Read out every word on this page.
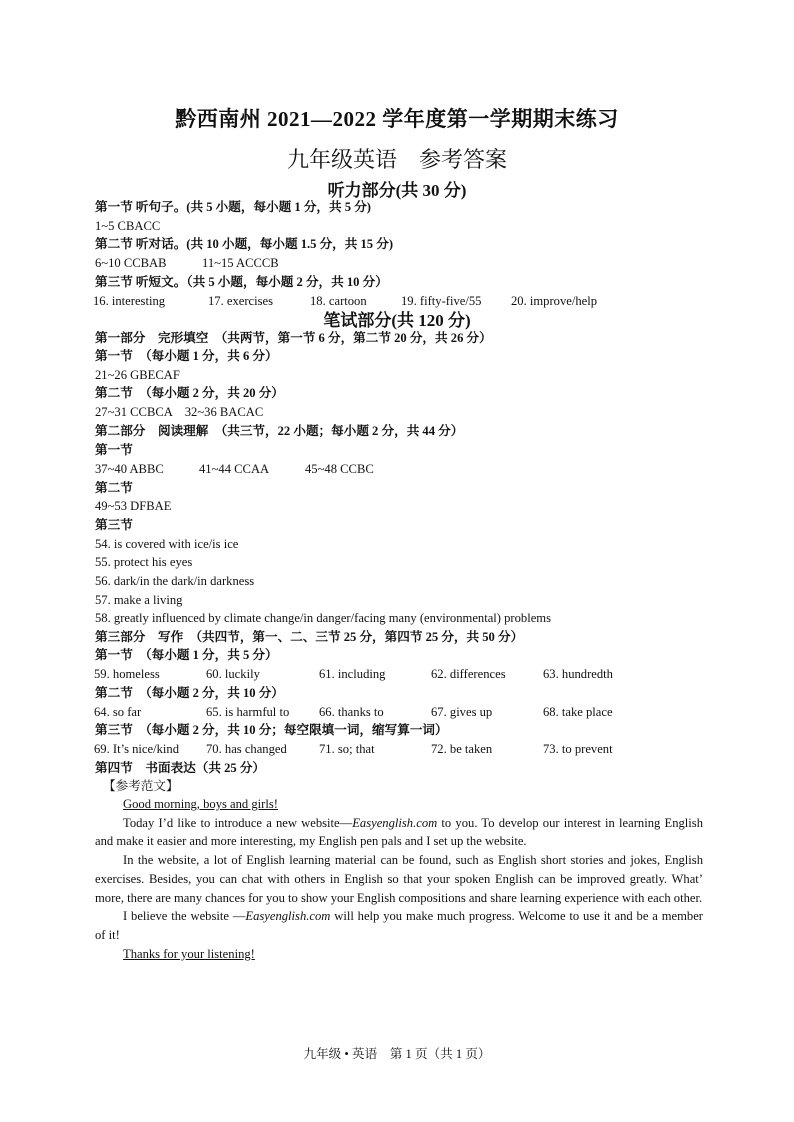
黔西南州 2021—2022 学年度第一学期期末练习
九年级英语　参考答案
听力部分(共 30 分)
第一节 听句子。(共 5 小题，每小题 1 分，共 5 分)
1~5 CBACC
第二节 听对话。(共 10 小题，每小题 1.5 分，共 15 分)
6~10 CCBAB	11~15 ACCCB
第三节 听短文。（共 5 小题，每小题 2 分，共 10 分）
16. interesting	17. exercises	18. cartoon	19. fifty-five/55 20. improve/help
笔试部分(共 120 分)
第一部分　完形填空　（共两节，第一节 6 分，第二节 20 分，共 26 分）
第一节　（每小题 1 分，共 6 分）
21~26 GBECAF
第二节　（每小题 2 分，共 20 分）
27~31 CCBCA　32~36 BACAC
第二部分　阅读理解　（共三节，22 小题；每小题 2 分，共 44 分）
第一节
37~40 ABBC	41~44 CCAA	45~48 CCBC
第二节
49~53 DFBAE
第三节
54. is covered with ice/is ice
55. protect his eyes
56. dark/in the dark/in darkness
57. make a living
58. greatly influenced by climate change/in danger/facing many (environmental) problems
第三部分　写作　（共四节，第一、二、三节 25 分，第四节 25 分，共 50 分）
第一节　（每小题 1 分，共 5 分）
59. homeless	60. luckily	61. including	62. differences	63. hundredth
第二节　（每小题 2 分，共 10 分）
64. so far	65. is harmful to 66. thanks to	67. gives up	68. take place
第三节　（每小题 2 分，共 10 分；每空限填一词，缩写算一词）
69. It’s nice/kind 70. has changed	71. so; that	72. be taken	73. to prevent
第四节　书面表达（共 25 分）
【参考范文】

Good morning, boys and girls!

Today I’d like to introduce a new website—Easyenglish.com to you. To develop our interest in learning English and make it easier and more interesting, my English pen pals and I set up the website.

In the website, a lot of English learning material can be found, such as English short stories and jokes, English exercises. Besides, you can chat with others in English so that your spoken English can be improved greatly. What’ more, there are many chances for you to show your English compositions and share learning experience with each other.

I believe the website —Easyenglish.com will help you make much progress. Welcome to use it and be a member of it!

Thanks for your listening!

九年级 • 英语　第 1 页（共 1 页）
